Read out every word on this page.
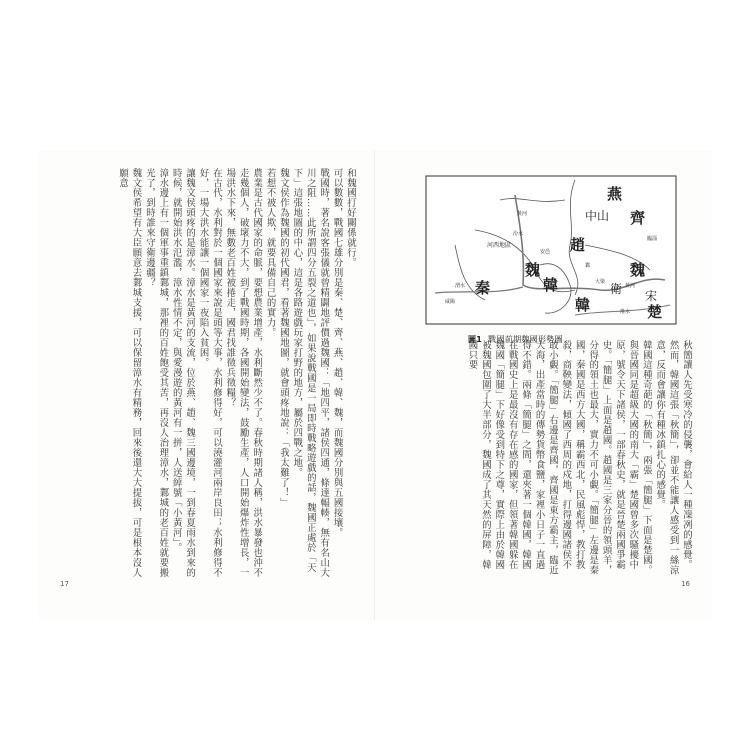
和魏國打好關係就行。
可以數數，戰國七雄分別是秦、楚、齊、燕、趙、韓、魏，而魏國分別與五國接壤。
戰國時，著名說客張儀就曾精闢地評價過魏國：「地四平，諸侯四通，條達輻輳，無有名山大川之阻……此所謂四分五裂之道也」，如果說戰國是一局即時戰略遊戲的話，魏國正處於「天下」這張地圖的中心，這是各路遊戲玩家打野的地方，屬於四戰之地。
魏文侯作為魏國的初代國君，看著魏國地圖，就會頭疼地說：「我太難了！」
若想不被人欺，就要具備自己的實力。
農業是古代國家的命脈，要想農業增產，水利斷然少不了。春秋時期諸人稱，洪水暴發也沖不走幾個人，破壞力不大，到了戰國時期，各國開始變法，鼓勵生產，人口開始爆炸性增長，一場洪水下來，無數老百姓被捲走，國君找誰徵兵徵糧？
在古代，水利對於一個國家來說是頭等大事，水利修得好，可以澆灌河兩岸良田；水利修得不好，一場大洪水能讓一個國家一夜陷入貧困。
讓魏文侯頭疼的是漳水。漳水是黃河的支流，位於燕、趙、魏三國邊境，一到春夏雨水到來的時候，就開始洪水氾濫，漳水性情不定，與愛漫遊的黃河有一拼，人送綽號「小黃河」。
漳水邊上有一個軍事重鎮鄴城，那裡的百姓飽受其苦，再沒人治理漳水，鄴城的老百姓就要搬光了，到時誰來守衛邊疆？
魏文侯希望有大臣願意去鄴城支援，可以保留漳水有精務，回來後還大大提拔，可是根本沒人願意
17
秋簡讓人先受寒冷的侵襲，會給人一種凜冽的感覺。然而，韓國這張「秋簡」，卻並不能讓人感受到一絲涼意，反而會讓你有種冰鎮扎心的感覺。
韓國這種奇葩的「秋簡」，兩張「簡腿」下面是楚國。與晉國同是超級大國的南大「霸」楚國曾多次騷擾中原，號令天下諸侯，一部春秋史，就是晉楚兩國爭霸史。「簡腿」上面是趙國。趙國是三家分晉的領頭羊，分得的領土也最大，實力不可小覷。「簡腿」左邊是秦國，秦國是西方大國，稱霸西北，民風彪悍，教打教殺，商鞅變法，傾國了西周的戍地，打得邊國諸侯不敢小覷。「簡腿」右邊是齊國，齊國是東方霸主，臨近大海，出產當時的傳勢貨幣食鹽，家裡小日子一直過得不錯。兩條「簡腿」之間，還夾著一個韓國，韓國在戰國史上是最沒有存在感的國家，但領著韓國躲在魏國「簡腿」下好像受到特下之尊，實際上由於韓國被魏國包圍了大半部分，魏國成了其天然的屏障，韓國只要
16
燕
中山 齊
趙
魏
韓
魏
秦
韓
衛 宋
楚
河西地區
安邑
大梁
臨淄
咸陽
鄴
黃河
黃河
渭水
淮水
汾水
圖1 戰國前期魏國形勢圖
